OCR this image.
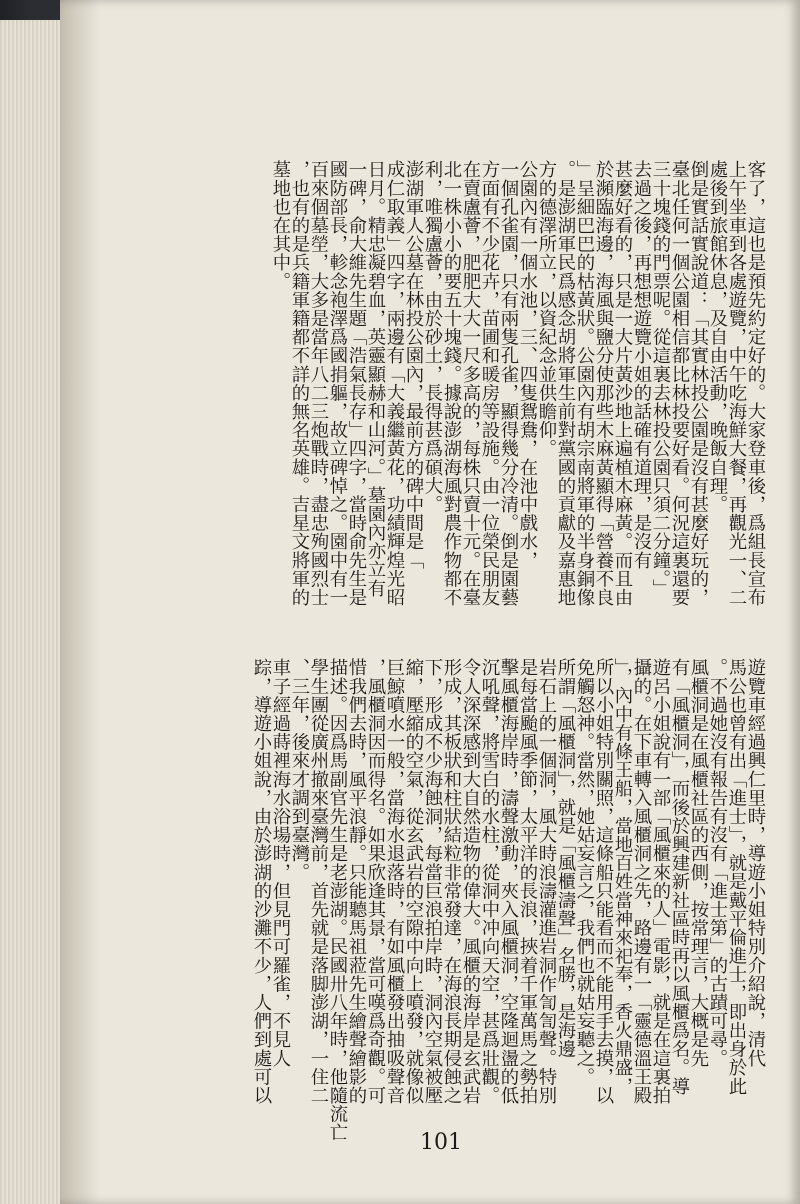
客了，這也是預先約定好的。大家登車後，爲組長宣布
上午坐車到各處遊覽，中午吃海鮮大餐，再觀光一、二
處後到旅館休息，及自由活動，晚飯自理。
倒是實話實說道：「其實林投公園是沒有甚麼好玩的，
臺北任何一個公園相信都比林投要好看。何況這裏還要
三十塊錢的門票呢。從這裏去林投公園只須二分鐘。」
去過之後，再想想遊覽小姐的話確有道理，是沒有
甚麼好看的，只是一大片黃沙地上遍植木麻黃。而且由
於瀕臨海邊，海風與鹽分使那些木麻黃顯得「營養不良
」呈細巴巴的枯黃狀。公園內有胡宗南將軍的半身銅像
。是澎湖軍民爲感念胡將軍生前對黨國的貢獻及嘉惠地
方的德澤所立，以資紀念並供瞻仰。
公園內有一個水池，三、四隻鴛鴦，在池中戲水，
一個孔雀園，只有兩隻孔雀，顯得幾分冷清。倒是園藝
方面有不少花卉，苗圃和暖房等設施。由一位榮民朋友
在賣盧薈，肥肥大大一尺多高的，每株只賣十元。在臺
北一株小小的要五十塊錢。據說澎湖海風對農作物都不
利，唯獨盧薈，由於砂土，長得甚爲碩大。
澎湖軍人公墓在林投公園內，最前方的碑中間是「
成仁取義」四字，兩邊有「大義繼黃花，功績輝煌光昭
日月。精忠凝碧血，英靈顯赫和山河。」墓園內亦立有
一碑，俞大維先生題「浩氣長存」四字，當時俞先生是
國防部長，軫念袍澤爲國捐軀，故立碑悼之。園中有一
百來個墓塋，大多是當年八二三炮戰時，盡忠殉國烈士
，也有的是兵籍軍籍都不詳的無名英雄。吉星文將軍的
墓地也在其中。
遊覽車經過興仁里時，導遊小姐特別介紹說，清代
馬公也曾有出「進士」，就是戴平倫進士，即出身於此
。不過她沒有報告有沒有「進士第」的古蹟可尋。
風櫃洞是在風櫃社區的西側，按常理言，大概是先
有「風櫃洞」，而後於興建新社區時再以風櫃爲名。導
遊呂小姐說有一部「風櫃來的人」電影，就是在這裏拍
攝的。在下車轉入風櫃洞之先，路邊有一「靈德溫王殿
」，內中有條王船，當地百姓當神來祀奉，香火鼎盛，
所以小姐特別關照，這條船只能看而不能用手去摸，以
免觸怒神。當然，她姑妄言之，我們也就姑妄聽之。
所謂「風櫃洞」，就是「風櫃濤聲」名勝，是海邊
岩石上的一個洞，風大時浪濤灌進岩洞作訇訇聲。特別
是每當颱風季節，太平洋的長浪，挾着千軍萬馬之勢拍
擊風櫃海岸時，濤聲激動，夾入風櫃洞，空隆迴盪的低
沉吼聲，將雪白的水柱，從洞中冲向天空，甚爲壯觀。
令人深深感到大自然造物的偉大。風櫃的海岸是玄武岩
形成，其板狀和柱狀結粒非常發達，在海浪長期侵蝕之
下，形成不少海蝕洞，每當巨浪拍岸時，洞內空氣被壓
縮，壓縮的空氣，從玄武岩的空隙中向上噴發，就像似
巨鯨噴水一般，當海水退落時，有如風櫃發出抽吸聲音
，風櫃洞因而得名。如果欣逢其景，當可嘆爲奇觀。可
惜我們去時，風平浪靜。只能聽馬祖蒞先生繪聲繪影的
描述。因爲馬副官先生是老澎湖。民國卅八年時，他隨流亡
學生團從廣州撤來臺灣前，首先就是落脚澎湖，一住二
、三年，後來才調到臺灣。
車子經過蒔裡海水浴場時，但見門可羅雀，不見人
踪，導遊小姐說，由於澎湖的沙灘不少，人們到處可以
101
